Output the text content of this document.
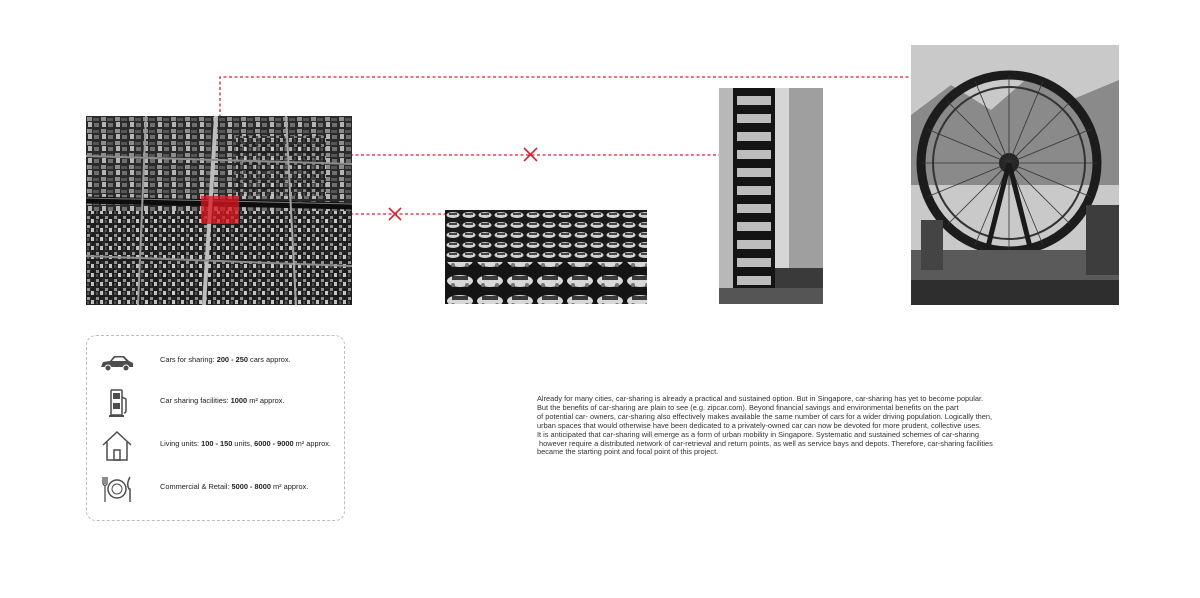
Cars for sharing: 200 - 250 cars approx.
Car sharing facilities: 1000 m² approx.
Living units: 100 - 150 units, 6000 - 9000 m² approx.
Commercial & Retail: 5000 - 8000 m² approx.

Already for many cities, car-sharing is already a practical and sustained option. But in Singapore, car-sharing has yet to become popular.

But the benefits of car-sharing are plain to see (e.g. zipcar.com). Beyond financial savings and environmental benefits on the part

of potential car- owners, car-sharing also effectively makes available the same number of cars for a wider driving population. Logically then,

urban spaces that would otherwise have been dedicated to a privately-owned car can now be devoted for more prudent, collective uses.

It is anticipated that car-sharing will emerge as a form of urban mobility in Singapore. Systematic and sustained schemes of car-sharing

however require a distributed network of car-retrieval and return points, as well as service bays and depots. Therefore, car-sharing facilities

became the starting point and focal point of this project.
